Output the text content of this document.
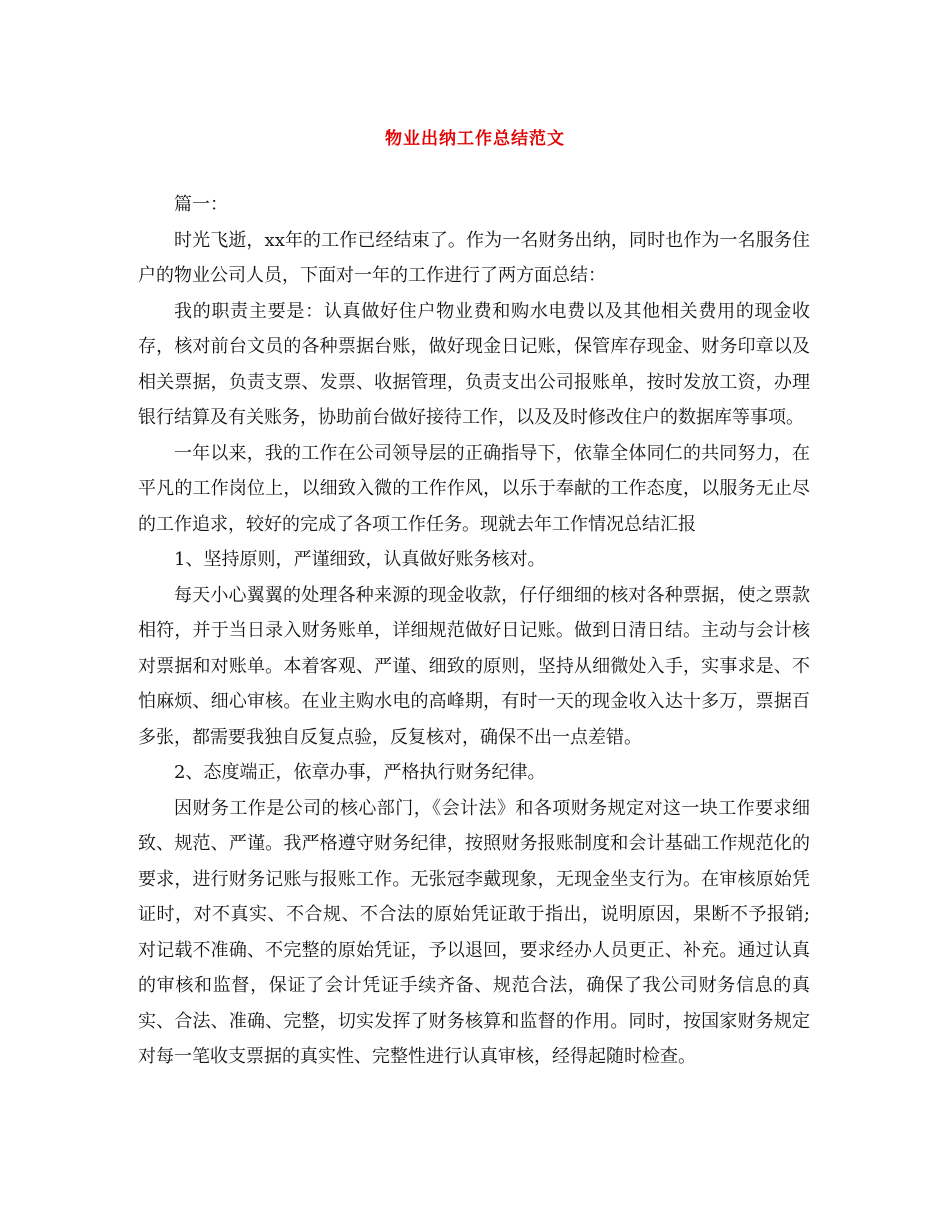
物业出纳工作总结范文

篇一：

时光飞逝，xx年的工作已经结束了。作为一名财务出纳，同时也作为一名服务住户的物业公司人员，下面对一年的工作进行了两方面总结：

我的职责主要是：认真做好住户物业费和购水电费以及其他相关费用的现金收存，核对前台文员的各种票据台账，做好现金日记账，保管库存现金、财务印章以及相关票据，负责支票、发票、收据管理，负责支出公司报账单，按时发放工资，办理银行结算及有关账务，协助前台做好接待工作，以及及时修改住户的数据库等事项。

一年以来，我的工作在公司领导层的正确指导下，依靠全体同仁的共同努力，在平凡的工作岗位上，以细致入微的工作作风，以乐于奉献的工作态度，以服务无止尽的工作追求，较好的完成了各项工作任务。现就去年工作情况总结汇报

1、坚持原则，严谨细致，认真做好账务核对。

每天小心翼翼的处理各种来源的现金收款，仔仔细细的核对各种票据，使之票款相符，并于当日录入财务账单，详细规范做好日记账。做到日清日结。主动与会计核对票据和对账单。本着客观、严谨、细致的原则，坚持从细微处入手，实事求是、不怕麻烦、细心审核。在业主购水电的高峰期，有时一天的现金收入达十多万，票据百多张，都需要我独自反复点验，反复核对，确保不出一点差错。

2、态度端正，依章办事，严格执行财务纪律。

因财务工作是公司的核心部门，《会计法》和各项财务规定对这一块工作要求细致、规范、严谨。我严格遵守财务纪律，按照财务报账制度和会计基础工作规范化的要求，进行财务记账与报账工作。无张冠李戴现象，无现金坐支行为。在审核原始凭证时，对不真实、不合规、不合法的原始凭证敢于指出，说明原因，果断不予报销;对记载不准确、不完整的原始凭证，予以退回，要求经办人员更正、补充。通过认真的审核和监督，保证了会计凭证手续齐备、规范合法，确保了我公司财务信息的真实、合法、准确、完整，切实发挥了财务核算和监督的作用。同时，按国家财务规定对每一笔收支票据的真实性、完整性进行认真审核，经得起随时检查。
